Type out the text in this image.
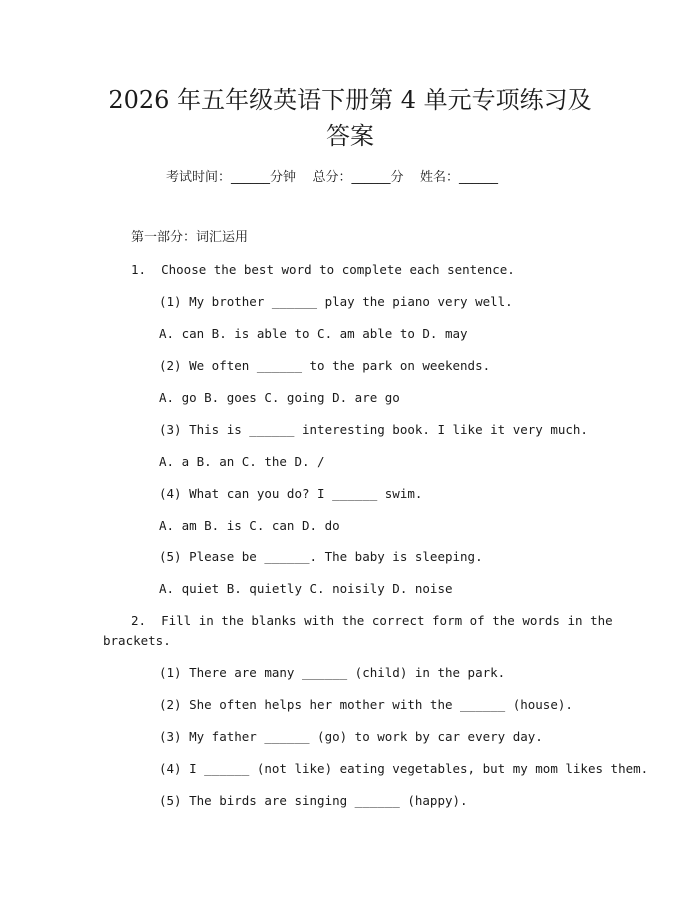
2026 年五年级英语下册第 4 单元专项练习及
答案
考试时间：______分钟    总分：______分    姓名：______
第一部分：词汇运用
1.  Choose the best word to complete each sentence.
(1) My brother ______ play the piano very well.
A. can B. is able to C. am able to D. may
(2) We often ______ to the park on weekends.
A. go B. goes C. going D. are go
(3) This is ______ interesting book. I like it very much.
A. a B. an C. the D. /
(4) What can you do? I ______ swim.
A. am B. is C. can D. do
(5) Please be ______. The baby is sleeping.
A. quiet B. quietly C. noisily D. noise
2.  Fill in the blanks with the correct form of the words in the
brackets.
(1) There are many ______ (child) in the park.
(2) She often helps her mother with the ______ (house).
(3) My father ______ (go) to work by car every day.
(4) I ______ (not like) eating vegetables, but my mom likes them.
(5) The birds are singing ______ (happy).
